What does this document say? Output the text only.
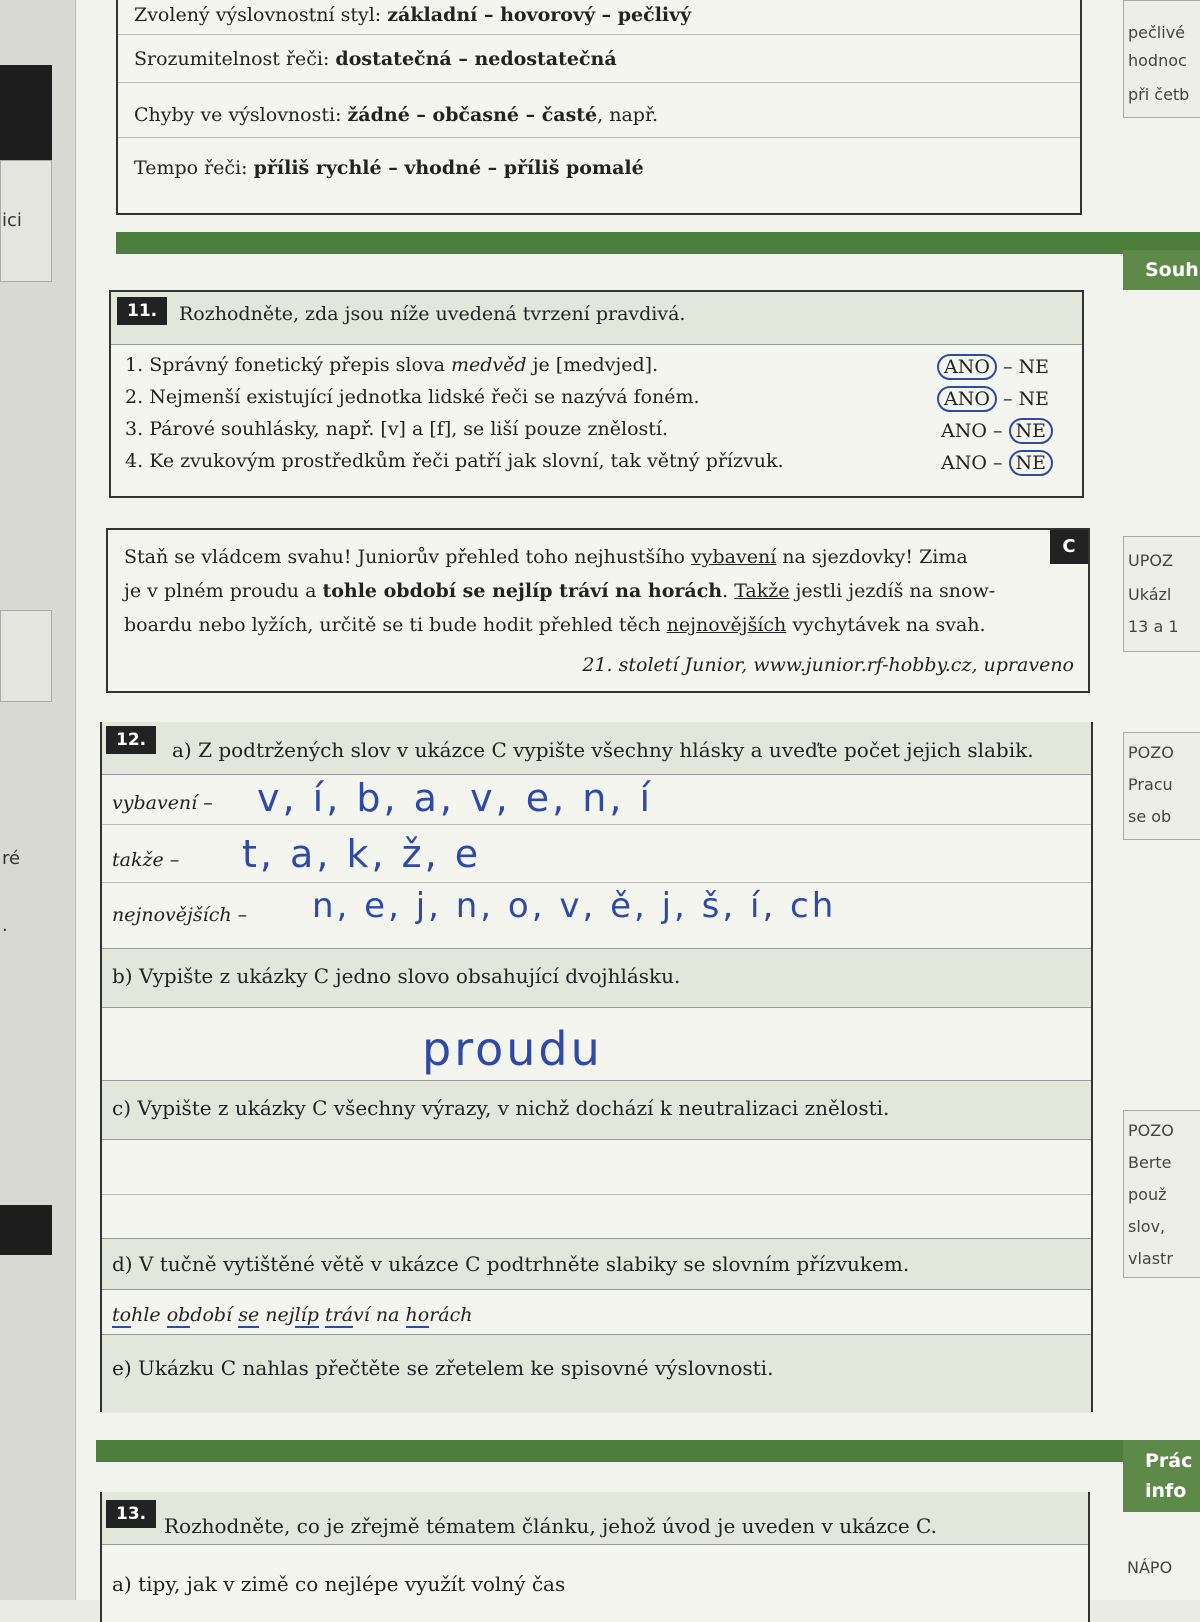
ici
ré
.
Zvolený výslovnostní styl: základní – hovorový – pečlivý
Srozumitelnost řeči: dostatečná – nedostatečná
Chyby ve výslovnosti: žádné – občasné – časté, např.
Tempo řeči: příliš rychlé – vhodné – příliš pomalé
11.	Rozhodněte, zda jsou níže uvedená tvrzení pravdivá.
1. Správný fonetický přepis slova medvěd je [medvjed].	ANO – NE
2. Nejmenší existující jednotka lidské řeči se nazývá foném.	ANO – NE
3. Párové souhlásky, např. [v] a [f], se liší pouze znělostí.	ANO – NE
4. Ke zvukovým prostředkům řeči patří jak slovní, tak větný přízvuk.	ANO – NE
C
Staň se vládcem svahu! Juniorův přehled toho nejhustšího vybavení na sjezdovky! Zima
je v plném proudu a tohle období se nejlíp tráví na horách. Takže jestli jezdíš na snow-
boardu nebo lyžích, určitě se ti bude hodit přehled těch nejnovějších vychytávek na svah.
21. století Junior, www.junior.rf-hobby.cz, upraveno
12.	a) Z podtržených slov v ukázce C vypište všechny hlásky a uveďte počet jejich slabik.
vybavení – v, í, b, a, v, e, n, í
takže – t, a, k, ž, e
nejnovějších – n, e, j, n, o, v, ě, j, š, í, ch
b) Vypište z ukázky C jedno slovo obsahující dvojhlásku.
proudu
c) Vypište z ukázky C všechny výrazy, v nichž dochází k neutralizaci znělosti.
d) V tučně vytištěné větě v ukázce C podtrhněte slabiky se slovním přízvukem.
tohle období se nejlíp tráví na horách
e) Ukázku C nahlas přečtěte se zřetelem ke spisovné výslovnosti.
13. Rozhodněte, co je zřejmě tématem článku, jehož úvod je uveden v ukázce C.
a) tipy, jak v zimě co nejlépe využít volný čas
pečlivé
hodnoc
při četb
Souh
UPOZ
Ukázl
13 a 1
POZO
Pracu
se ob
POZO
Berte
použ
slov,
vlastr
Prác
info
NÁPO
